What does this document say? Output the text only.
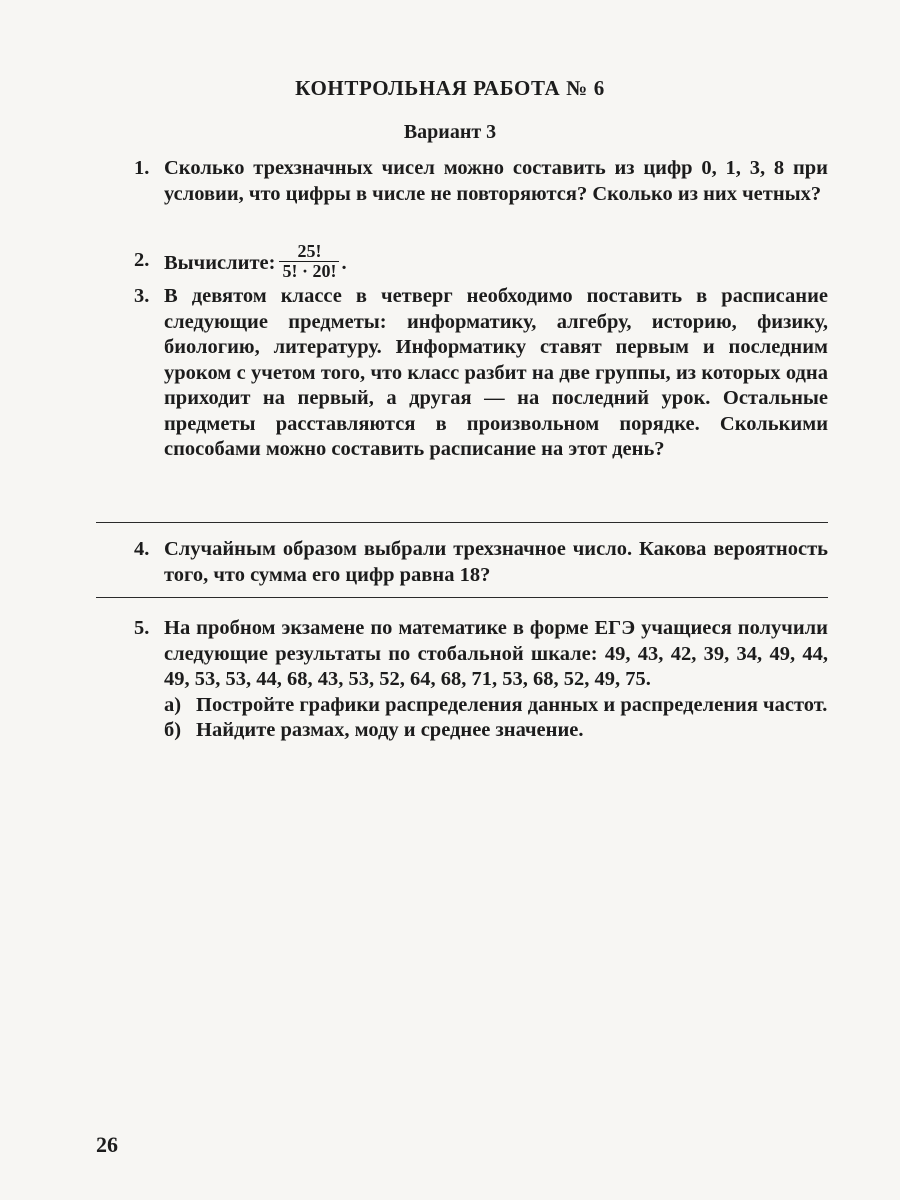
КОНТРОЛЬНАЯ РАБОТА № 6
Вариант 3
1. Сколько трехзначных чисел можно составить из цифр 0, 1, 3, 8 при условии, что цифры в числе не повторяются? Сколько из них четных?
2. Вычислите: $\frac{25!}{5! \cdot 20!}$ .
3. В девятом классе в четверг необходимо поставить в расписание следующие предметы: информатику, алгебру, историю, физику, биологию, литературу. Информатику ставят первым и последним уроком с учетом того, что класс разбит на две группы, из которых одна приходит на первый, а другая — на последний урок. Остальные предметы расставляются в произвольном порядке. Сколькими способами можно составить расписание на этот день?
4. Случайным образом выбрали трехзначное число. Какова вероятность того, что сумма его цифр равна 18?
5. На пробном экзамене по математике в форме ЕГЭ учащиеся получили следующие результаты по стобальной шкале: 49, 43, 42, 39, 34, 49, 44, 49, 53, 53, 44, 68, 43, 53, 52, 64, 68, 71, 53, 68, 52, 49, 75.
а) Постройте графики распределения данных и распределения частот.
б) Найдите размах, моду и среднее значение.
26
